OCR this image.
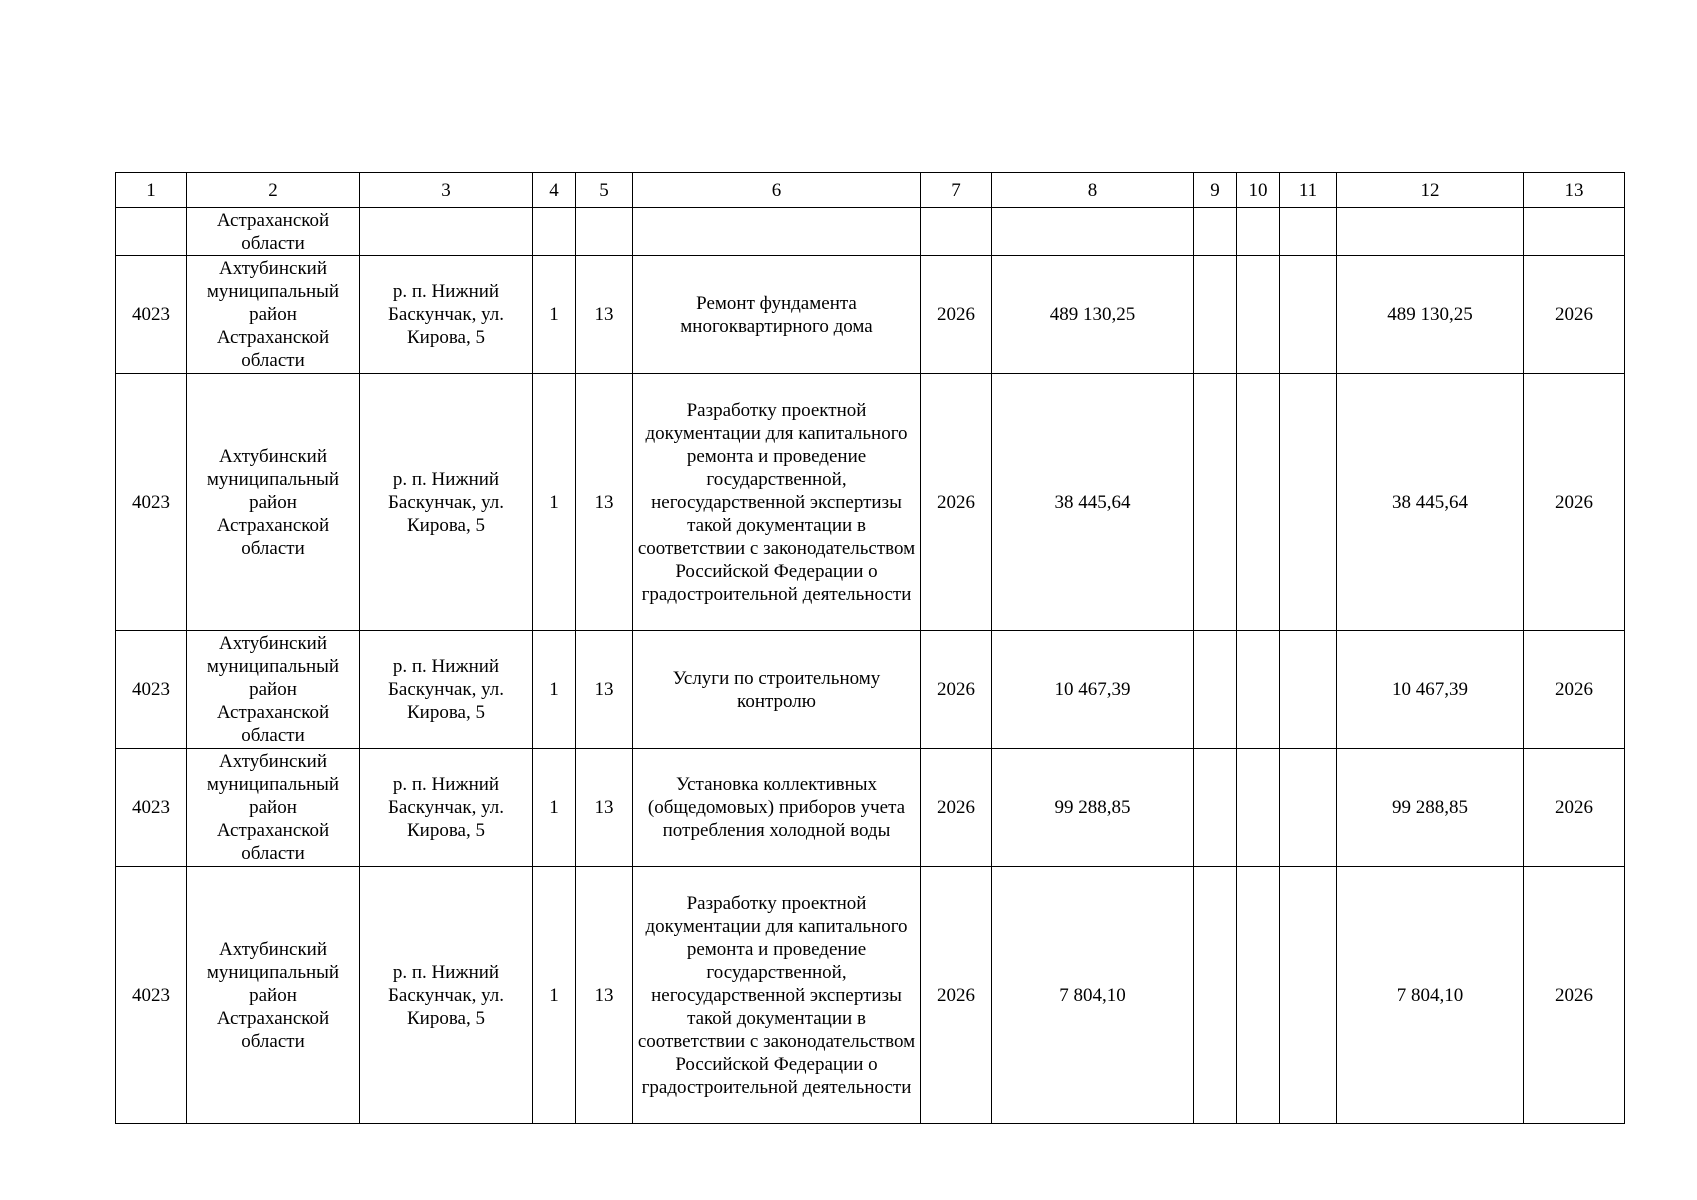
1	2	3	4	5	6	7	8	9	10	11	12	13
	Астраханской области											
4023	Ахтубинский муниципальный район Астраханской области	р. п. Нижний Баскунчак, ул. Кирова, 5	1	13	Ремонт фундамента многоквартирного дома	2026	489 130,25				489 130,25	2026
4023	Ахтубинский муниципальный район Астраханской области	р. п. Нижний Баскунчак, ул. Кирова, 5	1	13	Разработку проектной документации для капитального ремонта и проведение государственной, негосударственной экспертизы такой документации в соответствии с законодательством Российской Федерации о градостроительной деятельности	2026	38 445,64				38 445,64	2026
4023	Ахтубинский муниципальный район Астраханской области	р. п. Нижний Баскунчак, ул. Кирова, 5	1	13	Услуги по строительному контролю	2026	10 467,39				10 467,39	2026
4023	Ахтубинский муниципальный район Астраханской области	р. п. Нижний Баскунчак, ул. Кирова, 5	1	13	Установка коллективных (общедомовых) приборов учета потребления холодной воды	2026	99 288,85				99 288,85	2026
4023	Ахтубинский муниципальный район Астраханской области	р. п. Нижний Баскунчак, ул. Кирова, 5	1	13	Разработку проектной документации для капитального ремонта и проведение государственной, негосударственной экспертизы такой документации в соответствии с законодательством Российской Федерации о градостроительной деятельности	2026	7 804,10				7 804,10	2026
